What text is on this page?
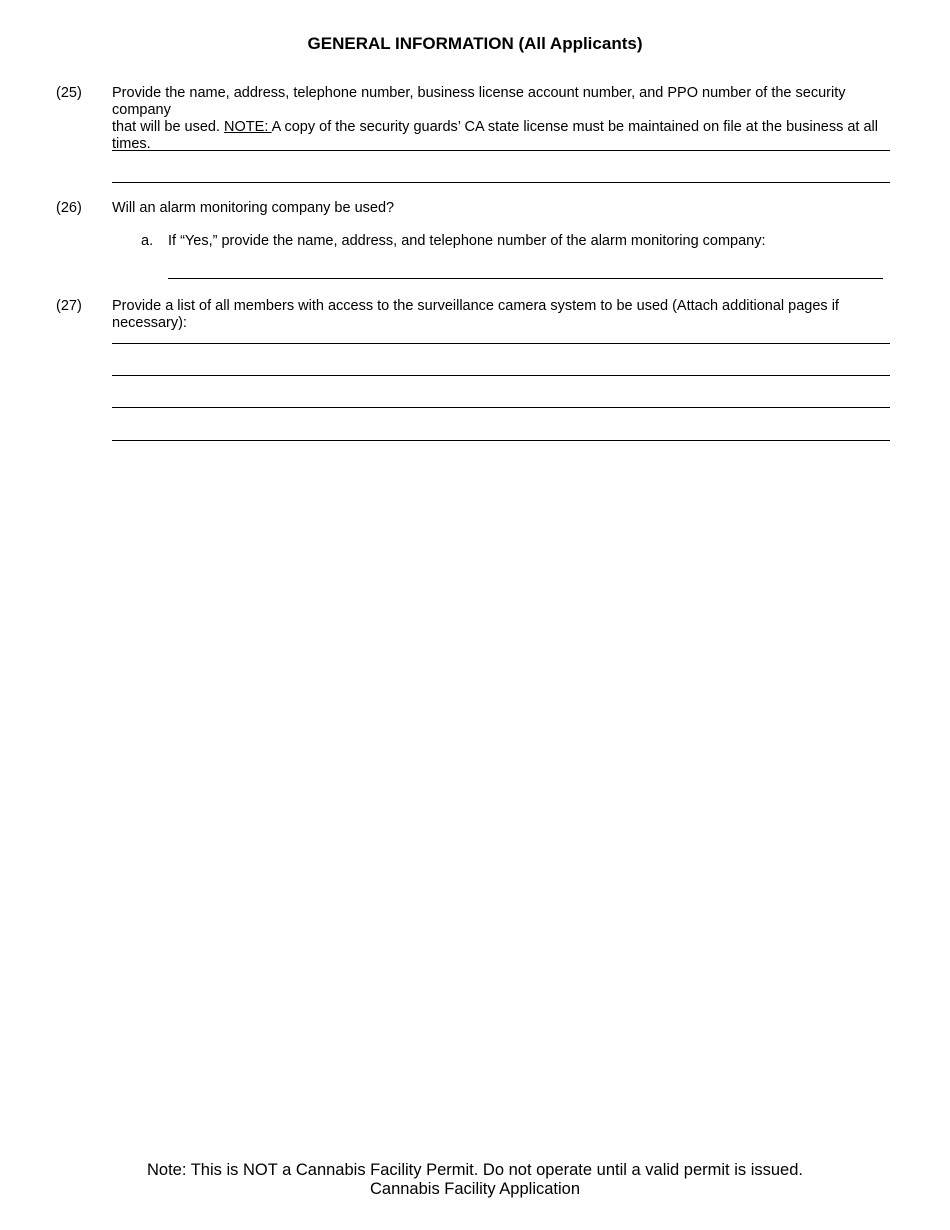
GENERAL INFORMATION (All Applicants)
(25) Provide the name, address, telephone number, business license account number, and PPO number of the security company
that will be used. NOTE: A copy of the security guards’ CA state license must be maintained on file at the business at all times.
(26) Will an alarm monitoring company be used?
a. If “Yes,” provide the name, address, and telephone number of the alarm monitoring company:
(27) Provide a list of all members with access to the surveillance camera system to be used (Attach additional pages if necessary):
Note: This is NOT a Cannabis Facility Permit. Do not operate until a valid permit is issued.
Cannabis Facility Application
